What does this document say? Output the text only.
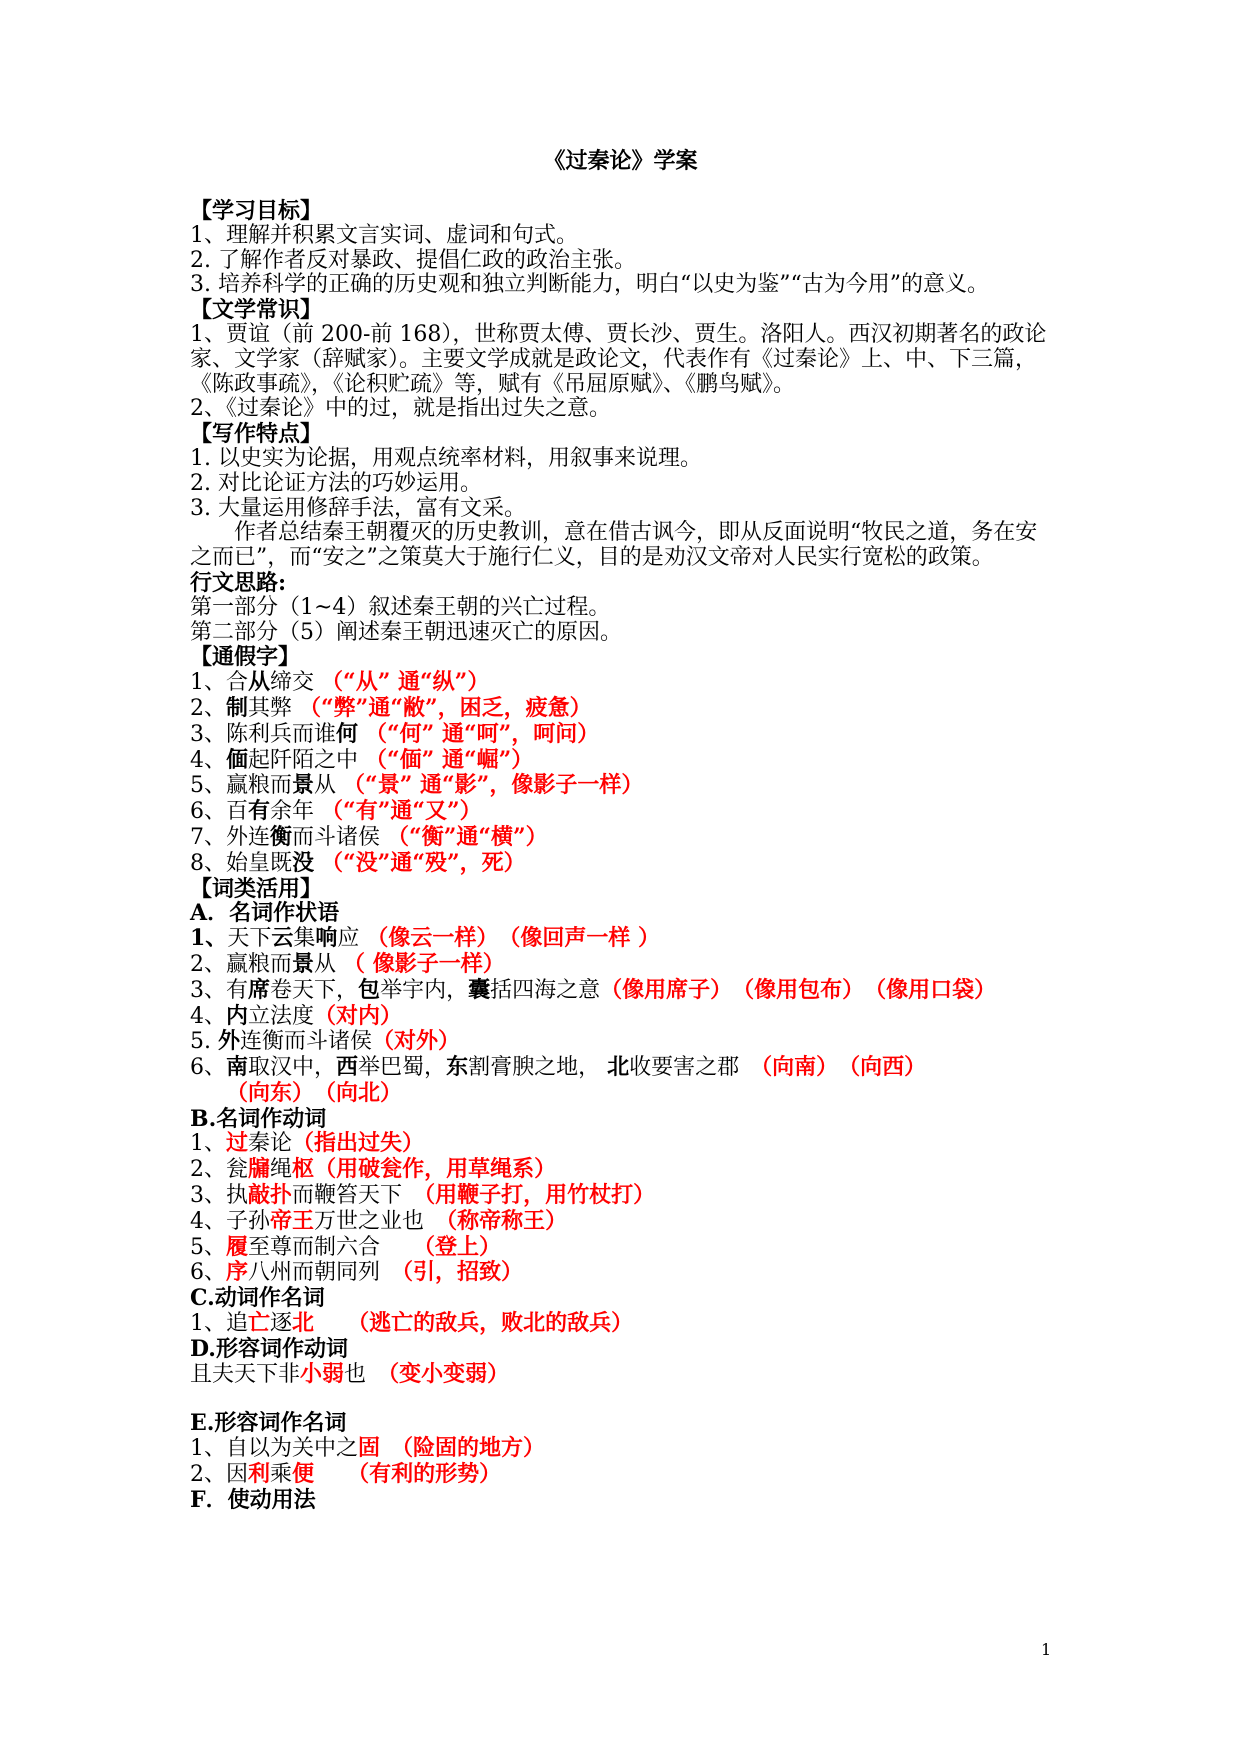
《过秦论》学案
【学习目标】
1、理解并积累文言实词、虚词和句式。
2. 了解作者反对暴政、提倡仁政的政治主张。
3. 培养科学的正确的历史观和独立判断能力，明白“以史为鉴”“古为今用”的意义。
【文学常识】
1、贾谊（前 200-前 168），世称贾太傅、贾长沙、贾生。洛阳人。西汉初期著名的政论家、文学家（辞赋家）。主要文学成就是政论文，代表作有《过秦论》上、中、下三篇，《陈政事疏》，《论积贮疏》等，赋有《吊屈原赋》、《鹏鸟赋》。
2、《过秦论》中的过，就是指出过失之意。
【写作特点】
1. 以史实为论据，用观点统率材料，用叙事来说理。
2. 对比论证方法的巧妙运用。
3. 大量运用修辞手法，富有文采。
作者总结秦王朝覆灭的历史教训，意在借古讽今，即从反面说明“牧民之道，务在安之而已”，而“安之”之策莫大于施行仁义，目的是劝汉文帝对人民实行宽松的政策。
行文思路:
第一部分（1~4）叙述秦王朝的兴亡过程。
第二部分（5）阐述秦王朝迅速灭亡的原因。
【通假字】
1、合从缔交 （“从” 通“纵”）
2、制其弊 （“弊”通“敝”，困乏，疲惫）
3、陈利兵而谁何 （“何” 通“呵”，呵问）
4、偭起阡陌之中 （“偭” 通“崛”）
5、赢粮而景从 （“景” 通“影”，像影子一样）
6、百有余年 （“有”通“又”）
7、外连衡而斗诸侯 （“衡”通“横”）
8、始皇既没 （“没”通“殁”，死）
【词类活用】
A．名词作状语
1、天下云集响应 （像云一样）　（像回声一样 ）
2、赢粮而景从 （ 像影子一样）
3、有席卷天下，包举宇内，囊括四海之意（像用席子）　（像用包布）　（像用口袋）
4、内立法度（对内）
5. 外连衡而斗诸侯（对外）
6、南取汉中，西举巴蜀，东割膏腴之地， 北收要害之郡　 （向南）　（向西）
（向东）　（向北）
B.名词作动词
1、过秦论（指出过失）
2、瓮牖绳枢（用破瓮作，用草绳系）
3、执敲扑而鞭笞天下　 （用鞭子打，用竹杖打）
4、子孙帝王万世之业也　 （称帝称王）
5、履至尊而制六合　　 （登上）
6、序八州而朝同列　 （引，招致）
C.动词作名词
1、追亡逐北　　 （逃亡的敌兵，败北的敌兵）
D.形容词作动词
且夫天下非小弱也　 （变小变弱）
E.形容词作名词
1、自以为关中之固　 （险固的地方）
2、因利乘便　　 （有利的形势）
F．使动用法
1
